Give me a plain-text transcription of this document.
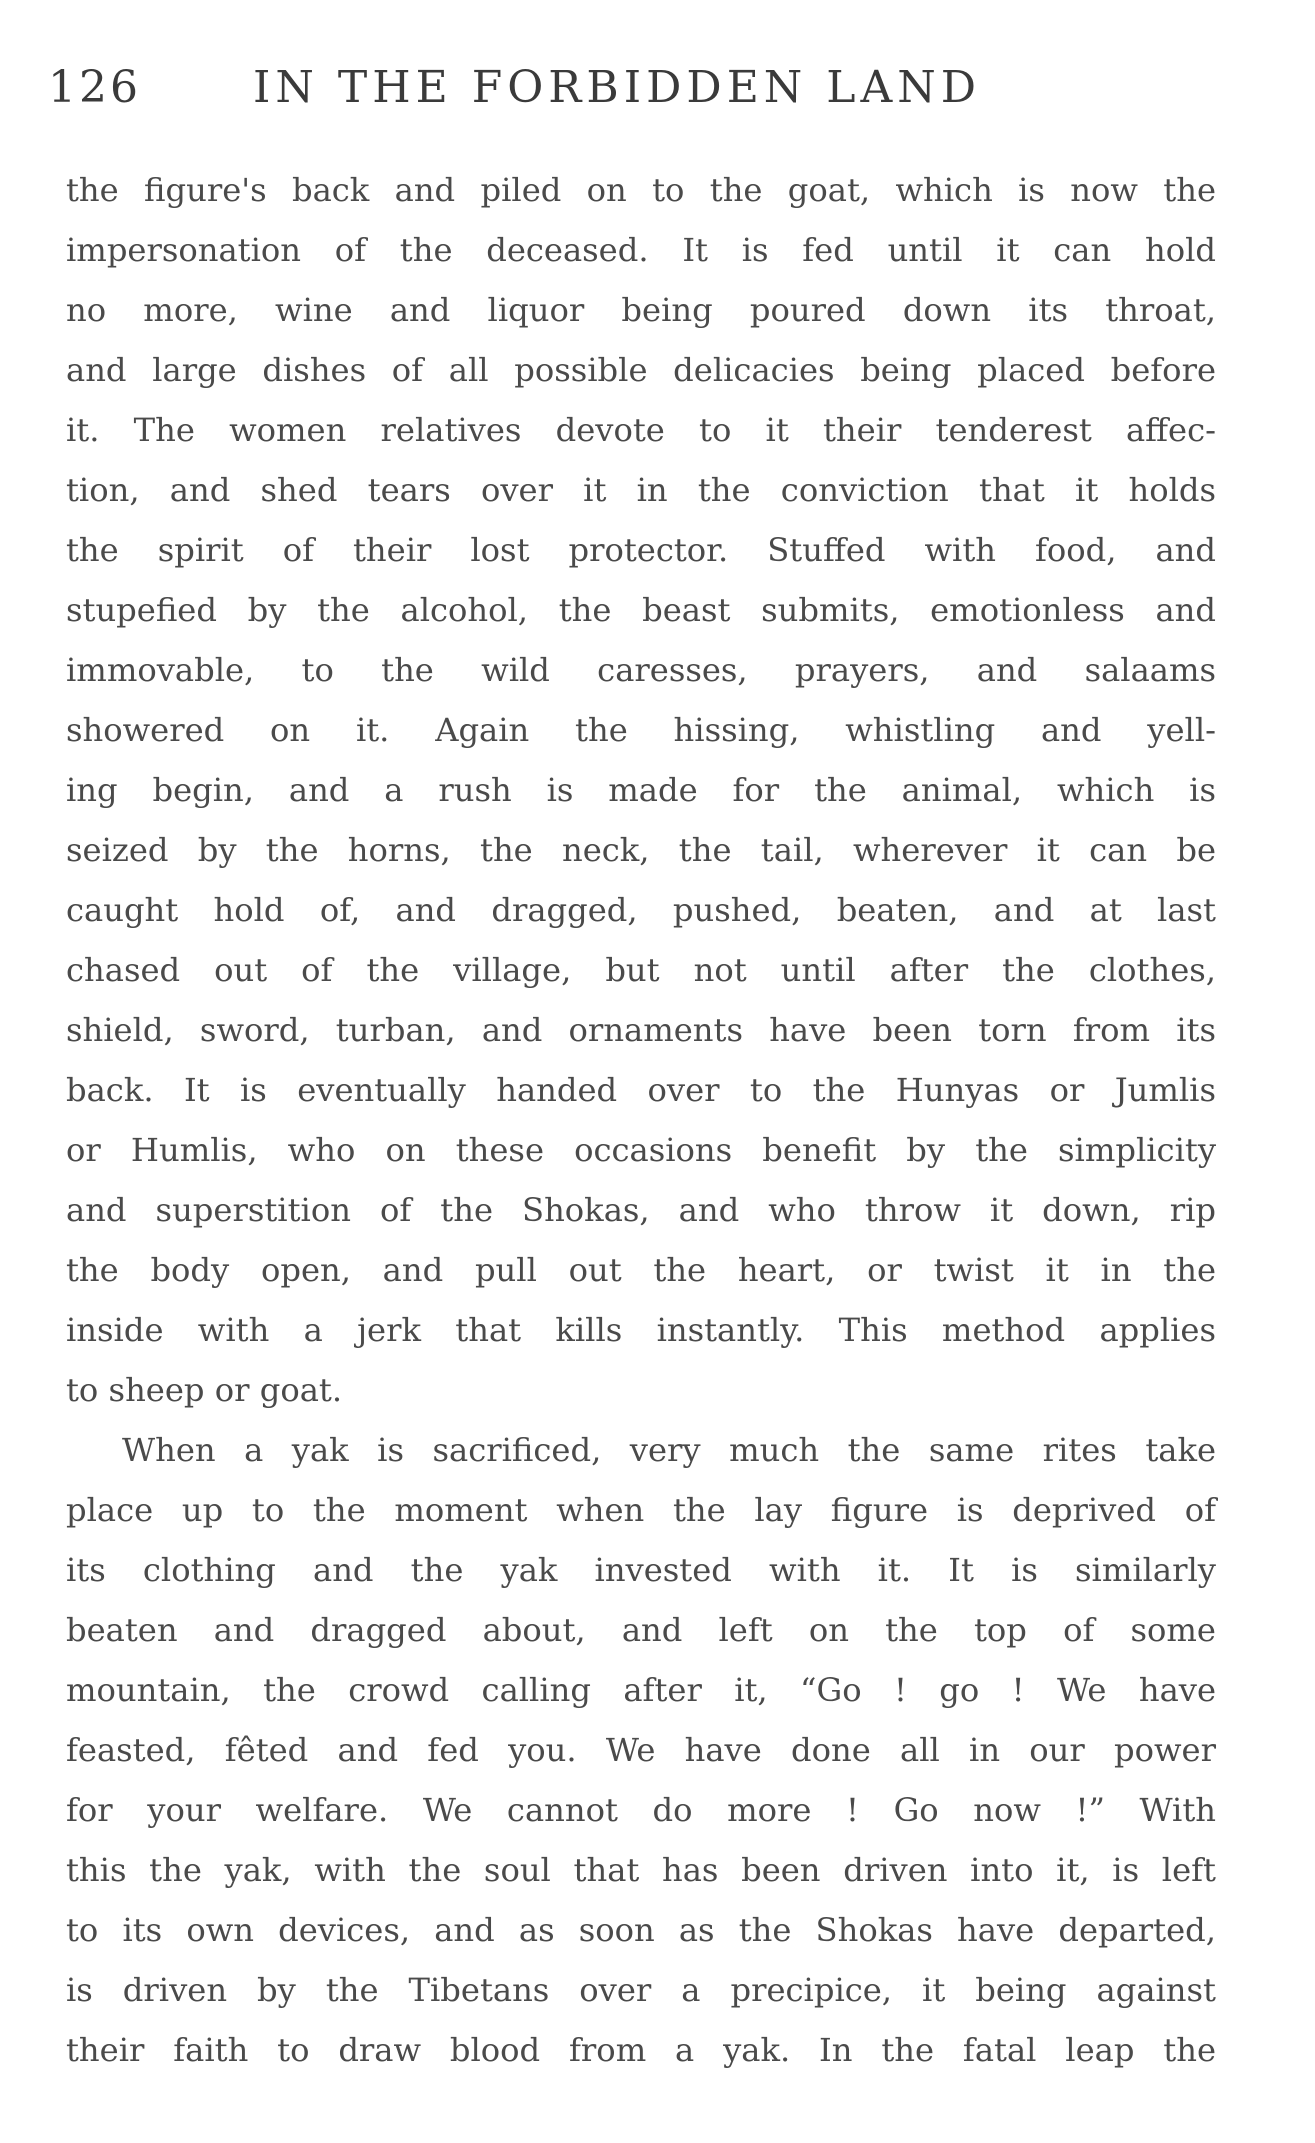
126	IN THE FORBIDDEN LAND
the figure's back and piled on to the goat, which is now the
impersonation of the deceased. It is fed until it can hold
no more, wine and liquor being poured down its throat,
and large dishes of all possible delicacies being placed before
it. The women relatives devote to it their tenderest affec-
tion, and shed tears over it in the conviction that it holds
the spirit of their lost protector. Stuffed with food, and
stupefied by the alcohol, the beast submits, emotionless and
immovable, to the wild caresses, prayers, and salaams
showered on it. Again the hissing, whistling and yell-
ing begin, and a rush is made for the animal, which is
seized by the horns, the neck, the tail, wherever it can be
caught hold of, and dragged, pushed, beaten, and at last
chased out of the village, but not until after the clothes,
shield, sword, turban, and ornaments have been torn from its
back. It is eventually handed over to the Hunyas or Jumlis
or Humlis, who on these occasions benefit by the simplicity
and superstition of the Shokas, and who throw it down, rip
the body open, and pull out the heart, or twist it in the
inside with a jerk that kills instantly. This method applies
to sheep or goat.
When a yak is sacrificed, very much the same rites take
place up to the moment when the lay figure is deprived of
its clothing and the yak invested with it. It is similarly
beaten and dragged about, and left on the top of some
mountain, the crowd calling after it, “Go ! go ! We have
feasted, fêted and fed you. We have done all in our power
for your welfare. We cannot do more ! Go now !” With
this the yak, with the soul that has been driven into it, is left
to its own devices, and as soon as the Shokas have departed,
is driven by the Tibetans over a precipice, it being against
their faith to draw blood from a yak. In the fatal leap the
